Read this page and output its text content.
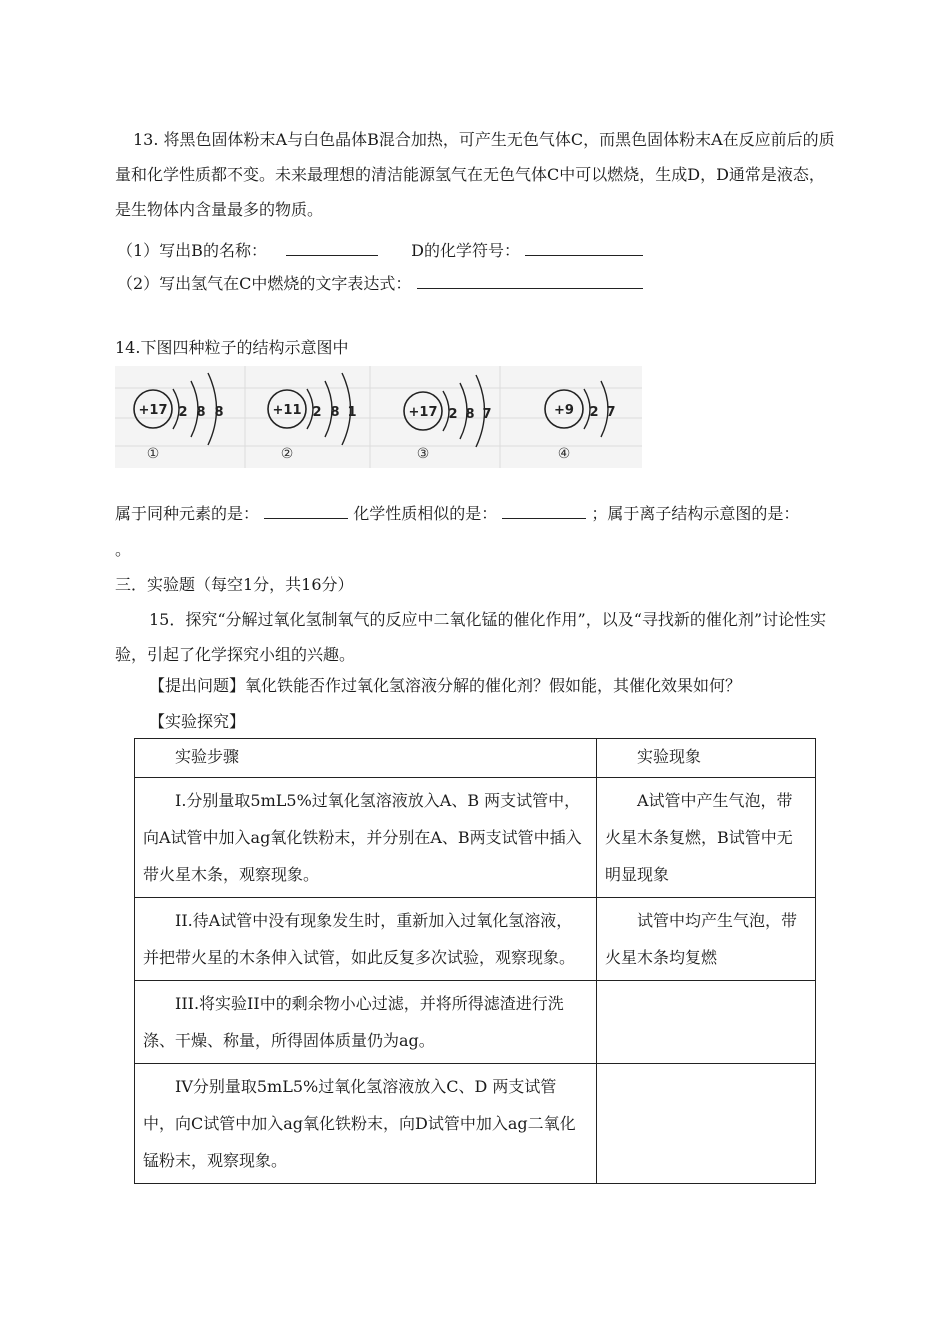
13. 将黑色固体粉末A与白色晶体B混合加热，可产生无色气体C，而黑色固体粉末A在反应前后的质量和化学性质都不变。未来最理想的清洁能源氢气在无色气体C中可以燃烧，生成D，D通常是液态，是生物体内含量最多的物质。
（1）写出B的名称：	D的化学符号：
（2）写出氢气在C中燃烧的文字表达式：
14.下图四种粒子的结构示意图中
+17 2 8 8
①
+11 2 8 1
②
+17 2 8 7
③
+9 2 7
④
属于同种元素的是：	化学性质相似的是：	；属于离子结构示意图的是：
。
三．实验题（每空1分，共16分）
15．探究“分解过氧化氢制氧气的反应中二氧化锰的催化作用”，以及“寻找新的催化剂”讨论性实验，引起了化学探究小组的兴趣。
【提出问题】氧化铁能否作过氧化氢溶液分解的催化剂？假如能，其催化效果如何？
【实验探究】
实验步骤	实验现象
I.分别量取5mL5%过氧化氢溶液放入A、B 两支试管中，向A试管中加入ag氧化铁粉末，并分别在A、B两支试管中插入带火星木条，观察现象。	A试管中产生气泡，带火星木条复燃，B试管中无明显现象
II.待A试管中没有现象发生时，重新加入过氧化氢溶液，并把带火星的木条伸入试管，如此反复多次试验，观察现象。	试管中均产生气泡，带火星木条均复燃
III.将实验II中的剩余物小心过滤，并将所得滤渣进行洗涤、干燥、称量，所得固体质量仍为ag。	
IV分别量取5mL5%过氧化氢溶液放入C、D 两支试管中，向C试管中加入ag氧化铁粉末，向D试管中加入ag二氧化锰粉末，观察现象。	
